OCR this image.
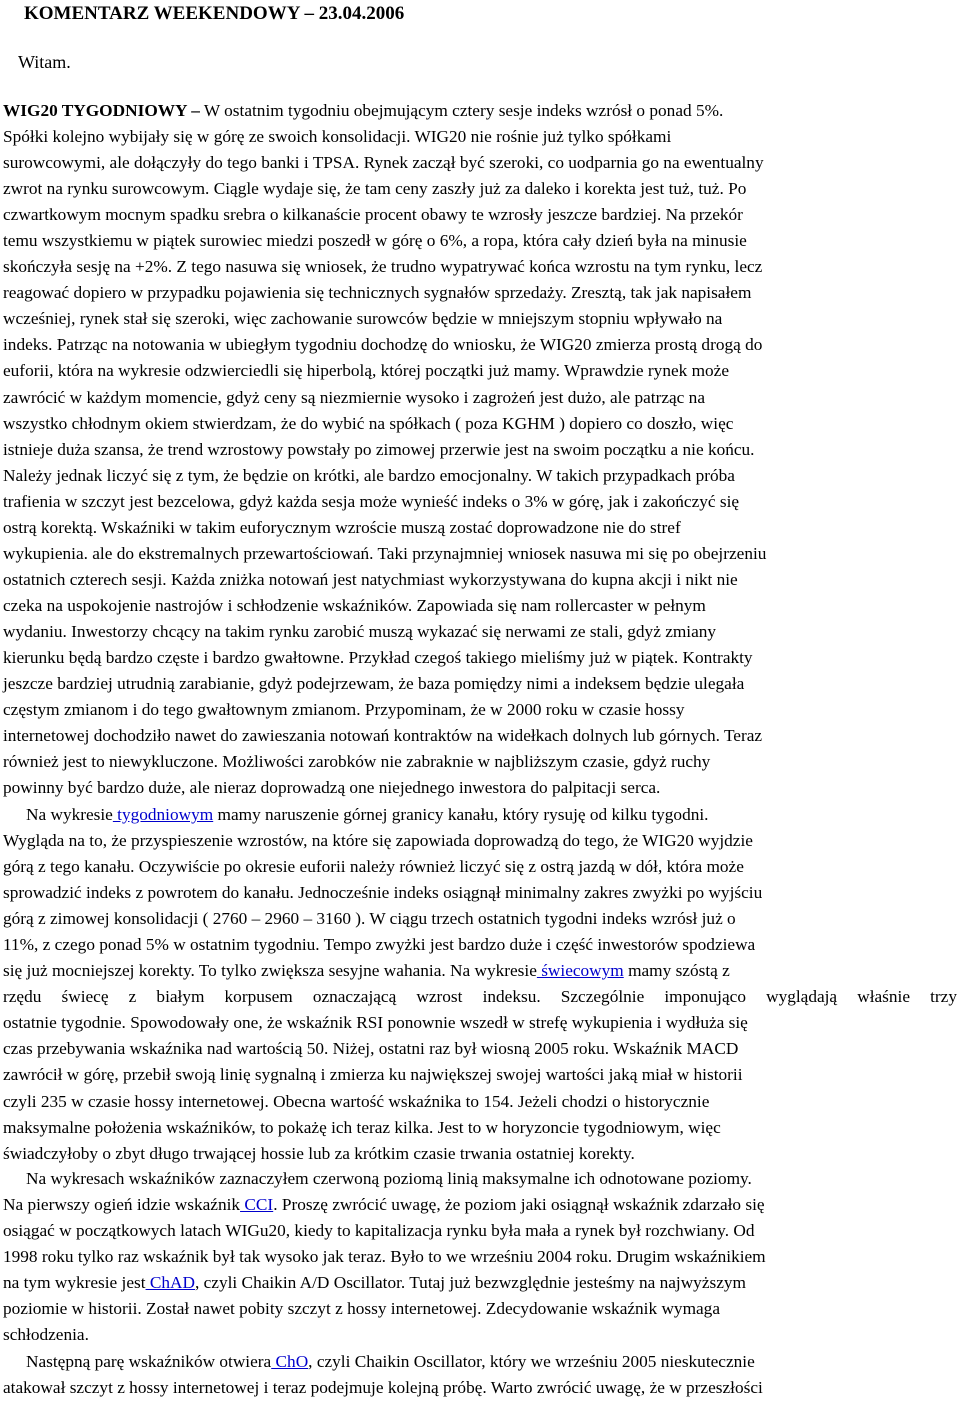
KOMENTARZ WEEKENDOWY – 23.04.2006
Witam.
WIG20 TYGODNIOWY – W ostatnim tygodniu obejmującym cztery sesje indeks wzrósł o ponad 5%.
Spółki kolejno wybijały się w górę ze swoich konsolidacji. WIG20 nie rośnie już tylko spółkami
surowcowymi, ale dołączyły do tego banki i TPSA. Rynek zaczął być szeroki, co uodparnia go na ewentualny
zwrot na rynku surowcowym. Ciągle wydaje się, że tam ceny zaszły już za daleko i korekta jest tuż, tuż. Po
czwartkowym mocnym spadku srebra o kilkanaście procent obawy te wzrosły jeszcze bardziej. Na przekór
temu wszystkiemu w piątek surowiec miedzi poszedł w górę o 6%, a ropa, która cały dzień była na minusie
skończyła sesję na +2%. Z tego nasuwa się wniosek, że trudno wypatrywać końca wzrostu na tym rynku, lecz
reagować dopiero w przypadku pojawienia się technicznych sygnałów sprzedaży. Zresztą, tak jak napisałem
wcześniej, rynek stał się szeroki, więc zachowanie surowców będzie w mniejszym stopniu wpływało na
indeks. Patrząc na notowania w ubiegłym tygodniu dochodzę do wniosku, że WIG20 zmierza prostą drogą do
euforii, która na wykresie odzwierciedli się hiperbolą, której początki już mamy. Wprawdzie rynek może
zawrócić w każdym momencie, gdyż ceny są niezmiernie wysoko i zagrożeń jest dużo, ale patrząc na
wszystko chłodnym okiem stwierdzam, że do wybić na spółkach ( poza KGHM ) dopiero co doszło, więc
istnieje duża szansa, że trend wzrostowy powstały po zimowej przerwie jest na swoim początku a nie końcu.
Należy jednak liczyć się z tym, że będzie on krótki, ale bardzo emocjonalny. W takich przypadkach próba
trafienia w szczyt jest bezcelowa, gdyż każda sesja może wynieść indeks o 3% w górę, jak i zakończyć się
ostrą korektą. Wskaźniki w takim euforycznym wzroście muszą zostać doprowadzone nie do stref
wykupienia. ale do ekstremalnych przewartościowań. Taki przynajmniej wniosek nasuwa mi się po obejrzeniu
ostatnich czterech sesji. Każda zniżka notowań jest natychmiast wykorzystywana do kupna akcji i nikt nie
czeka na uspokojenie nastrojów i schłodzenie wskaźników. Zapowiada się nam rollercaster w pełnym
wydaniu. Inwestorzy chcący na takim rynku zarobić muszą wykazać się nerwami ze stali, gdyż zmiany
kierunku będą bardzo częste i bardzo gwałtowne. Przykład czegoś takiego mieliśmy już w piątek. Kontrakty
jeszcze bardziej utrudnią zarabianie, gdyż podejrzewam, że baza pomiędzy nimi a indeksem będzie ulegała
częstym zmianom i do tego gwałtownym zmianom. Przypominam, że w 2000 roku w czasie hossy
internetowej dochodziło nawet do zawieszania notowań kontraktów na widełkach dolnych lub górnych. Teraz
również jest to niewykluczone. Możliwości zarobków nie zabraknie w najbliższym czasie, gdyż ruchy
powinny być bardzo duże, ale nieraz doprowadzą one niejednego inwestora do palpitacji serca.
Na wykresie tygodniowym mamy naruszenie górnej granicy kanału, który rysuję od kilku tygodni.
Wygląda na to, że przyspieszenie wzrostów, na które się zapowiada doprowadzą do tego, że WIG20 wyjdzie
górą z tego kanału. Oczywiście po okresie euforii należy również liczyć się z ostrą jazdą w dół, która może
sprowadzić indeks z powrotem do kanału. Jednocześnie indeks osiągnął minimalny zakres zwyżki po wyjściu
górą z zimowej konsolidacji ( 2760 – 2960 – 3160 ). W ciągu trzech ostatnich tygodni indeks wzrósł już o
11%, z czego ponad 5% w ostatnim tygodniu. Tempo zwyżki jest bardzo duże i część inwestorów spodziewa
się już mocniejszej korekty. To tylko zwiększa sesyjne wahania. Na wykresie świecowym mamy szóstą z
rzędu świecę z białym korpusem oznaczającą wzrost indeksu. Szczególnie imponująco wyglądają właśnie trzy
ostatnie tygodnie. Spowodowały one, że wskaźnik RSI ponownie wszedł w strefę wykupienia i wydłuża się
czas przebywania wskaźnika nad wartością 50. Niżej, ostatni raz był wiosną 2005 roku. Wskaźnik MACD
zawrócił w górę, przebił swoją linię sygnalną i zmierza ku największej swojej wartości jaką miał w historii
czyli 235 w czasie hossy internetowej. Obecna wartość wskaźnika to 154. Jeżeli chodzi o historycznie
maksymalne położenia wskaźników, to pokażę ich teraz kilka. Jest to w horyzoncie tygodniowym, więc
świadczyłoby o zbyt długo trwającej hossie lub za krótkim czasie trwania ostatniej korekty.
Na wykresach wskaźników zaznaczyłem czerwoną poziomą linią maksymalne ich odnotowane poziomy.
Na pierwszy ogień idzie wskaźnik CCI. Proszę zwrócić uwagę, że poziom jaki osiągnął wskaźnik zdarzało się
osiągać w początkowych latach WIGu20, kiedy to kapitalizacja rynku była mała a rynek był rozchwiany. Od
1998 roku tylko raz wskaźnik był tak wysoko jak teraz. Było to we wrześniu 2004 roku. Drugim wskaźnikiem
na tym wykresie jest ChAD, czyli Chaikin A/D Oscillator. Tutaj już bezwzględnie jesteśmy na najwyższym
poziomie w historii. Został nawet pobity szczyt z hossy internetowej. Zdecydowanie wskaźnik wymaga
schłodzenia.
Następną parę wskaźników otwiera ChO, czyli Chaikin Oscillator, który we wrześniu 2005 nieskutecznie
atakował szczyt z hossy internetowej i teraz podejmuje kolejną próbę. Warto zwrócić uwagę, że w przeszłości
